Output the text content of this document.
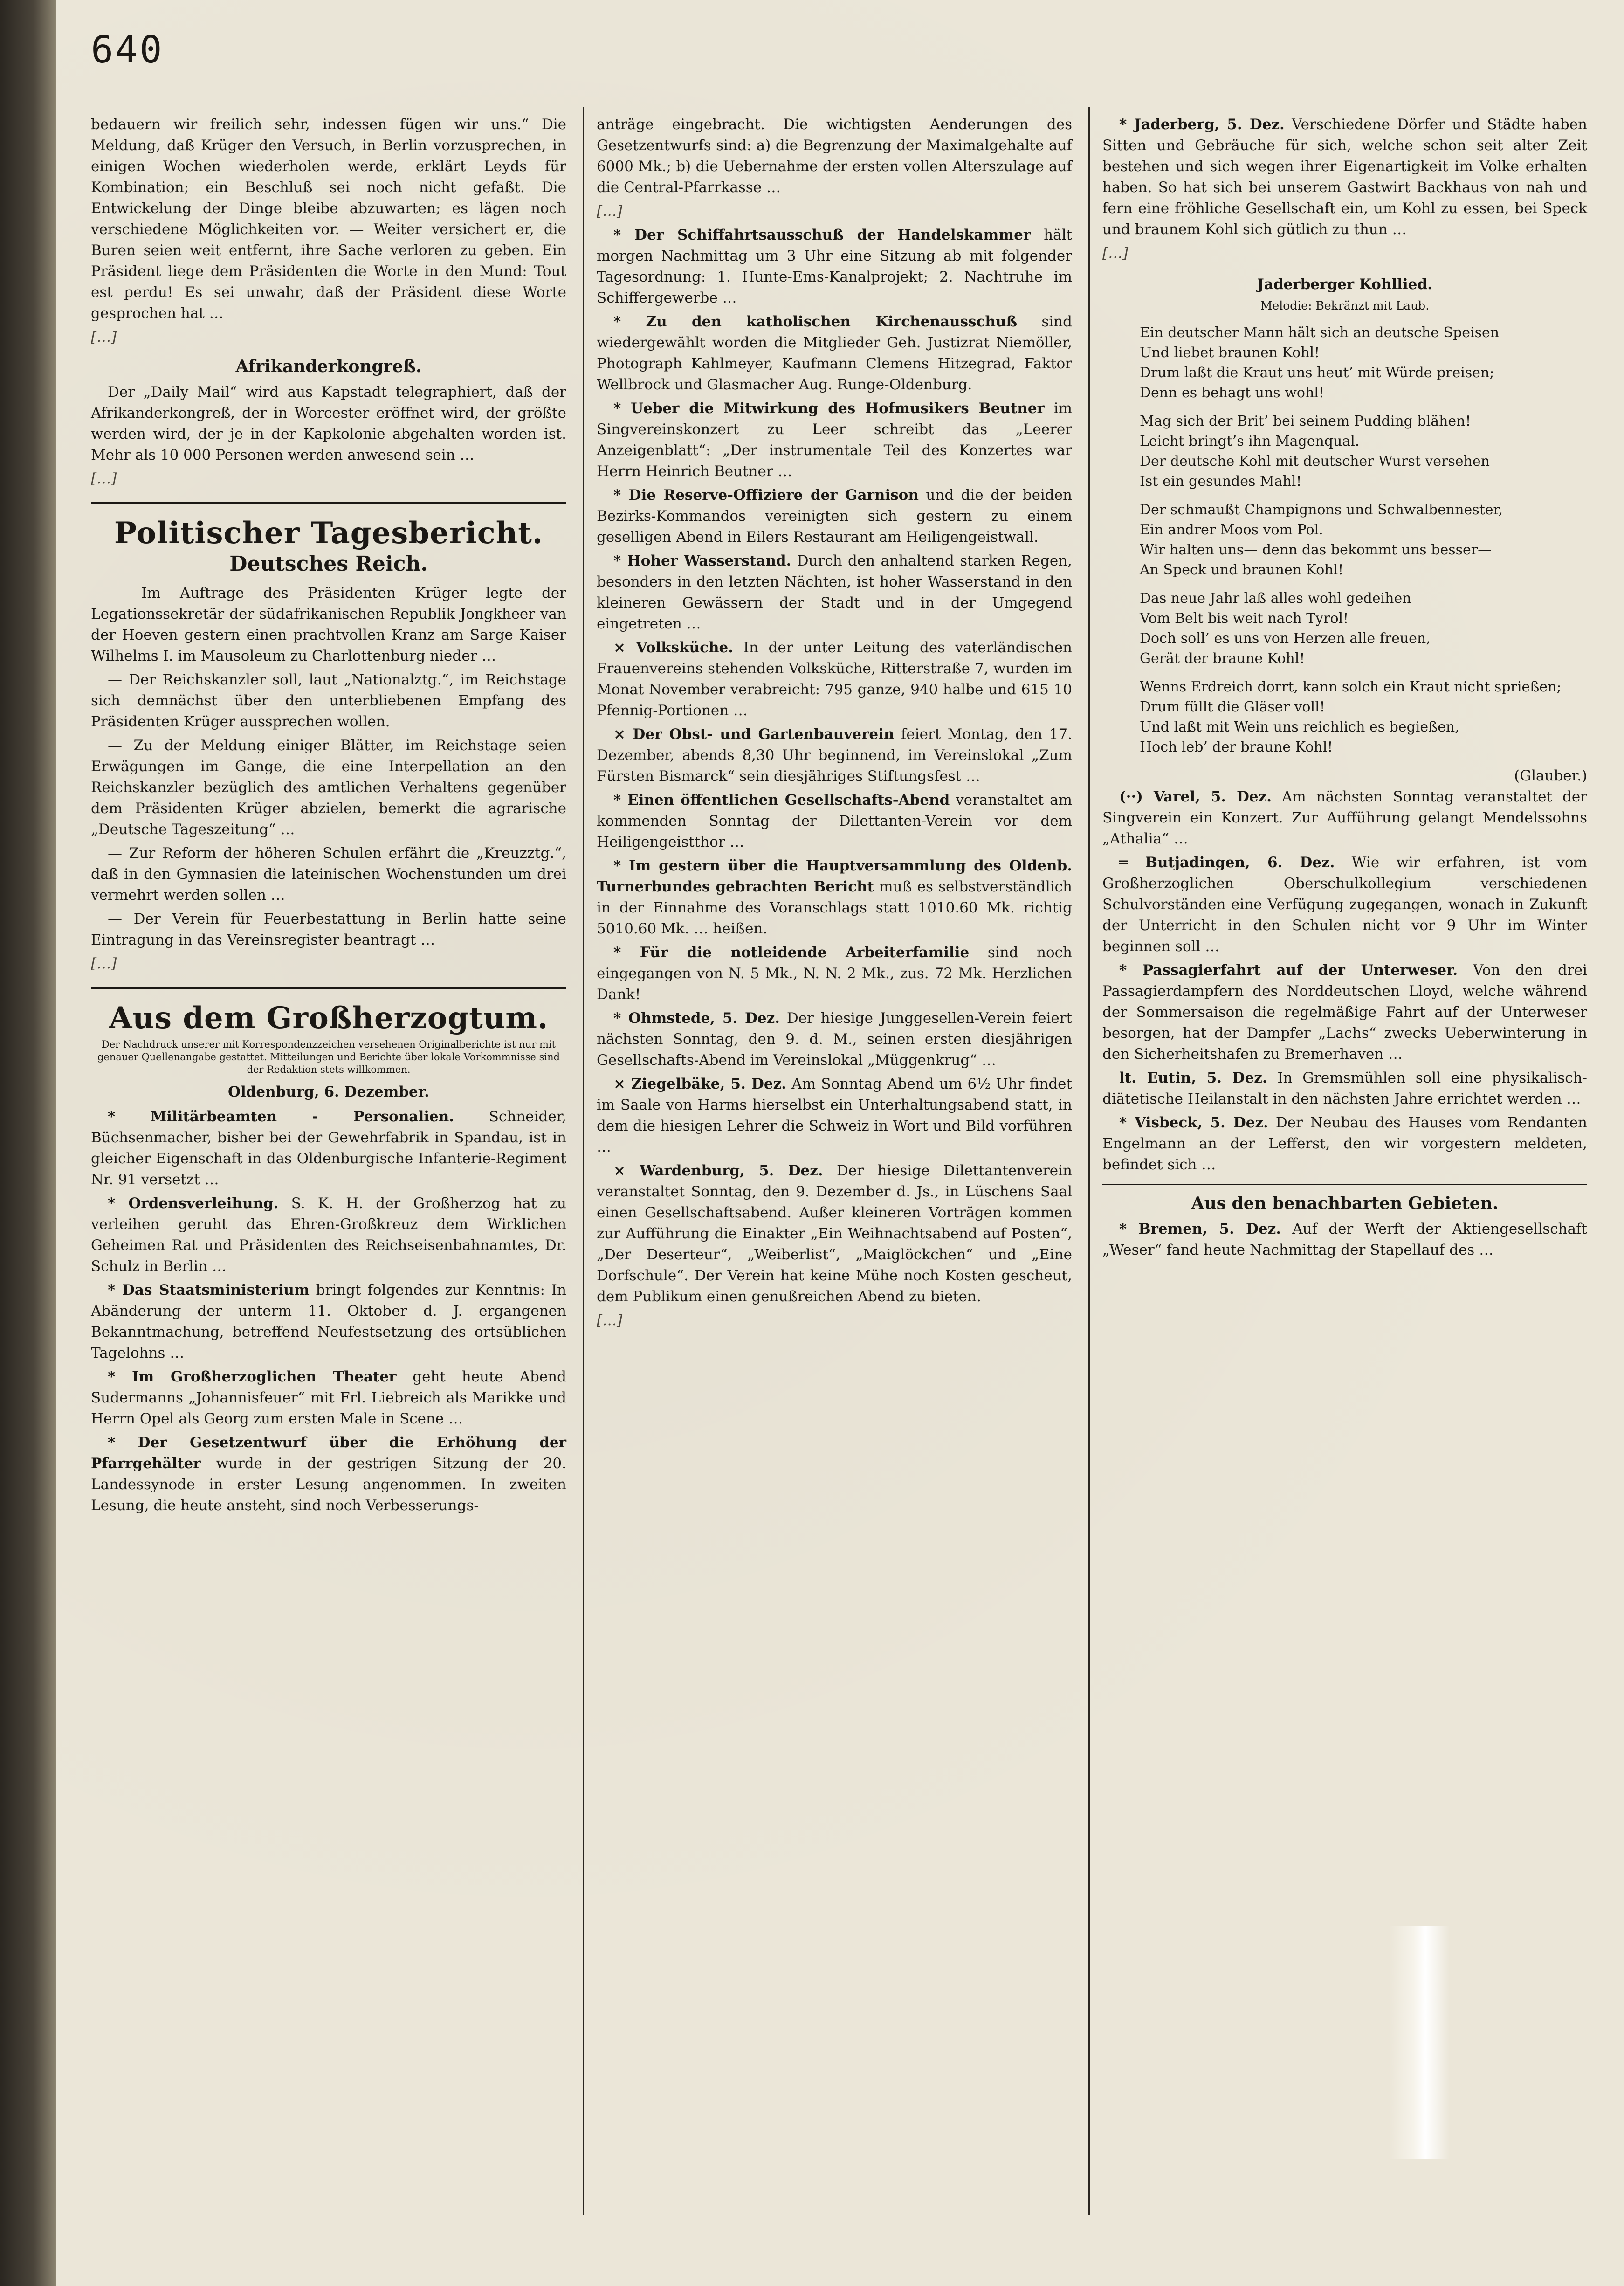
640

bedauern wir freilich sehr, indessen fügen wir uns.“ Die Meldung, daß Krüger den Versuch, in Berlin vorzusprechen, in einigen Wochen wiederholen werde, erklärt Leyds für Kombination; ein Beschluß sei noch nicht gefaßt. Die Entwickelung der Dinge bleibe abzuwarten; es lägen noch verschiedene Möglichkeiten vor. — Weiter versichert er, die Buren seien weit entfernt, ihre Sache verloren zu geben. Ein Präsident liege dem Präsidenten die Worte in den Mund: Tout est perdu! Es sei unwahr, daß der Präsident diese Worte gesprochen hat …

[…]

Afrikanderkongreß.

Der „Daily Mail“ wird aus Kapstadt telegraphiert, daß der Afrikanderkongreß, der in Worcester eröffnet wird, der größte werden wird, der je in der Kapkolonie abgehalten worden ist. Mehr als 10 000 Personen werden anwesend sein …

[…]

Politischer Tagesbericht.
Deutsches Reich.

— Im Auftrage des Präsidenten Krüger legte der Legationssekretär der südafrikanischen Republik Jongkheer van der Hoeven gestern einen prachtvollen Kranz am Sarge Kaiser Wilhelms I. im Mausoleum zu Charlottenburg nieder …

— Der Reichskanzler soll, laut „Nationalztg.“, im Reichstage sich demnächst über den unterbliebenen Empfang des Präsidenten Krüger aussprechen wollen.

— Zu der Meldung einiger Blätter, im Reichstage seien Erwägungen im Gange, die eine Interpellation an den Reichskanzler bezüglich des amtlichen Verhaltens gegenüber dem Präsidenten Krüger abzielen, bemerkt die agrarische „Deutsche Tageszeitung“ …

— Zur Reform der höheren Schulen erfährt die „Kreuzztg.“, daß in den Gymnasien die lateinischen Wochenstunden um drei vermehrt werden sollen …

— Der Verein für Feuerbestattung in Berlin hatte seine Eintragung in das Vereinsregister beantragt …

[…]

Aus dem Großherzogtum.
Der Nachdruck unserer mit Korrespondenzzeichen versehenen Originalberichte ist nur mit genauer Quellenangabe gestattet. Mitteilungen und Berichte über lokale Vorkommnisse sind der Redaktion stets willkommen.
Oldenburg, 6. Dezember.

* Militärbeamten - Personalien. Schneider, Büchsenmacher, bisher bei der Gewehrfabrik in Spandau, ist in gleicher Eigenschaft in das Oldenburgische Infanterie-Regiment Nr. 91 versetzt …

* Ordensverleihung. S. K. H. der Großherzog hat zu verleihen geruht das Ehren-Großkreuz dem Wirklichen Geheimen Rat und Präsidenten des Reichseisenbahnamtes, Dr. Schulz in Berlin …

* Das Staatsministerium bringt folgendes zur Kenntnis: In Abänderung der unterm 11. Oktober d. J. ergangenen Bekanntmachung, betreffend Neufestsetzung des ortsüblichen Tagelohns …

* Im Großherzoglichen Theater geht heute Abend Sudermanns „Johannisfeuer“ mit Frl. Liebreich als Marikke und Herrn Opel als Georg zum ersten Male in Scene …

* Der Gesetzentwurf über die Erhöhung der Pfarrgehälter wurde in der gestrigen Sitzung der 20. Landessynode in erster Lesung angenommen. In zweiten Lesung, die heute ansteht, sind noch Verbesserungs-

anträge eingebracht. Die wichtigsten Aenderungen des Gesetzentwurfs sind: a) die Begrenzung der Maximalgehalte auf 6000 Mk.; b) die Uebernahme der ersten vollen Alterszulage auf die Central-Pfarrkasse …

[…]

* Der Schiffahrtsausschuß der Handelskammer hält morgen Nachmittag um 3 Uhr eine Sitzung ab mit folgender Tagesordnung: 1. Hunte-Ems-Kanalprojekt; 2. Nachtruhe im Schiffergewerbe …

* Zu den katholischen Kirchenausschuß sind wiedergewählt worden die Mitglieder Geh. Justizrat Niemöller, Photograph Kahlmeyer, Kaufmann Clemens Hitzegrad, Faktor Wellbrock und Glasmacher Aug. Runge-Oldenburg.

* Ueber die Mitwirkung des Hofmusikers Beutner im Singvereinskonzert zu Leer schreibt das „Leerer Anzeigenblatt“: „Der instrumentale Teil des Konzertes war Herrn Heinrich Beutner …

* Die Reserve-Offiziere der Garnison und die der beiden Bezirks-Kommandos vereinigten sich gestern zu einem geselligen Abend in Eilers Restaurant am Heiligengeistwall.

* Hoher Wasserstand. Durch den anhaltend starken Regen, besonders in den letzten Nächten, ist hoher Wasserstand in den kleineren Gewässern der Stadt und in der Umgegend eingetreten …

× Volksküche. In der unter Leitung des vaterländischen Frauenvereins stehenden Volksküche, Ritterstraße 7, wurden im Monat November verabreicht: 795 ganze, 940 halbe und 615 10 Pfennig-Portionen …

× Der Obst- und Gartenbauverein feiert Montag, den 17. Dezember, abends 8,30 Uhr beginnend, im Vereinslokal „Zum Fürsten Bismarck“ sein diesjähriges Stiftungsfest …

* Einen öffentlichen Gesellschafts-Abend veranstaltet am kommenden Sonntag der Dilettanten-Verein vor dem Heiligengeistthor …

* Im gestern über die Hauptversammlung des Oldenb. Turnerbundes gebrachten Bericht muß es selbstverständlich in der Einnahme des Voranschlags statt 1010.60 Mk. richtig 5010.60 Mk. … heißen.

* Für die notleidende Arbeiterfamilie sind noch eingegangen von N. 5 Mk., N. N. 2 Mk., zus. 72 Mk. Herzlichen Dank!

* Ohmstede, 5. Dez. Der hiesige Junggesellen-Verein feiert nächsten Sonntag, den 9. d. M., seinen ersten diesjährigen Gesellschafts-Abend im Vereinslokal „Müggenkrug“ …

× Ziegelbäke, 5. Dez. Am Sonntag Abend um 6½ Uhr findet im Saale von Harms hierselbst ein Unterhaltungsabend statt, in dem die hiesigen Lehrer die Schweiz in Wort und Bild vorführen …

× Wardenburg, 5. Dez. Der hiesige Dilettantenverein veranstaltet Sonntag, den 9. Dezember d. Js., in Lüschens Saal einen Gesellschaftsabend. Außer kleineren Vorträgen kommen zur Aufführung die Einakter „Ein Weihnachtsabend auf Posten“, „Der Deserteur“, „Weiberlist“, „Maiglöckchen“ und „Eine Dorfschule“. Der Verein hat keine Mühe noch Kosten gescheut, dem Publikum einen genußreichen Abend zu bieten.

[…]

* Jaderberg, 5. Dez. Verschiedene Dörfer und Städte haben Sitten und Gebräuche für sich, welche schon seit alter Zeit bestehen und sich wegen ihrer Eigenartigkeit im Volke erhalten haben. So hat sich bei unserem Gastwirt Backhaus von nah und fern eine fröhliche Gesellschaft ein, um Kohl zu essen, bei Speck und braunem Kohl sich gütlich zu thun …

[…]

Jaderberger Kohllied.
Melodie: Bekränzt mit Laub.
Ein deutscher Mann hält sich an deutsche Speisen
Und liebet braunen Kohl!
Drum laßt die Kraut uns heut’ mit Würde preisen;
Denn es behagt uns wohl!
Mag sich der Brit’ bei seinem Pudding blähen!
Leicht bringt’s ihn Magenqual.
Der deutsche Kohl mit deutscher Wurst versehen
Ist ein gesundes Mahl!
Der schmaußt Champignons und Schwalbennester,
Ein andrer Moos vom Pol.
Wir halten uns— denn das bekommt uns besser—
An Speck und braunen Kohl!
Das neue Jahr laß alles wohl gedeihen
Vom Belt bis weit nach Tyrol!
Doch soll’ es uns von Herzen alle freuen,
Gerät der braune Kohl!
Wenns Erdreich dorrt, kann solch ein Kraut nicht sprießen;
Drum füllt die Gläser voll!
Und laßt mit Wein uns reichlich es begießen,
Hoch leb’ der braune Kohl!
(Glauber.)

(··) Varel, 5. Dez. Am nächsten Sonntag veranstaltet der Singverein ein Konzert. Zur Aufführung gelangt Mendelssohns „Athalia“ …

═ Butjadingen, 6. Dez. Wie wir erfahren, ist vom Großherzoglichen Oberschulkollegium verschiedenen Schulvorständen eine Verfügung zugegangen, wonach in Zukunft der Unterricht in den Schulen nicht vor 9 Uhr im Winter beginnen soll …

* Passagierfahrt auf der Unterweser. Von den drei Passagierdampfern des Norddeutschen Lloyd, welche während der Sommersaison die regelmäßige Fahrt auf der Unterweser besorgen, hat der Dampfer „Lachs“ zwecks Ueberwinterung in den Sicherheitshafen zu Bremerhaven …

lt. Eutin, 5. Dez. In Gremsmühlen soll eine physikalisch-diätetische Heilanstalt in den nächsten Jahre errichtet werden …

* Visbeck, 5. Dez. Der Neubau des Hauses vom Rendanten Engelmann an der Lefferst, den wir vorgestern meldeten, befindet sich …

Aus den benachbarten Gebieten.

* Bremen, 5. Dez. Auf der Werft der Aktiengesellschaft „Weser“ fand heute Nachmittag der Stapellauf des …
